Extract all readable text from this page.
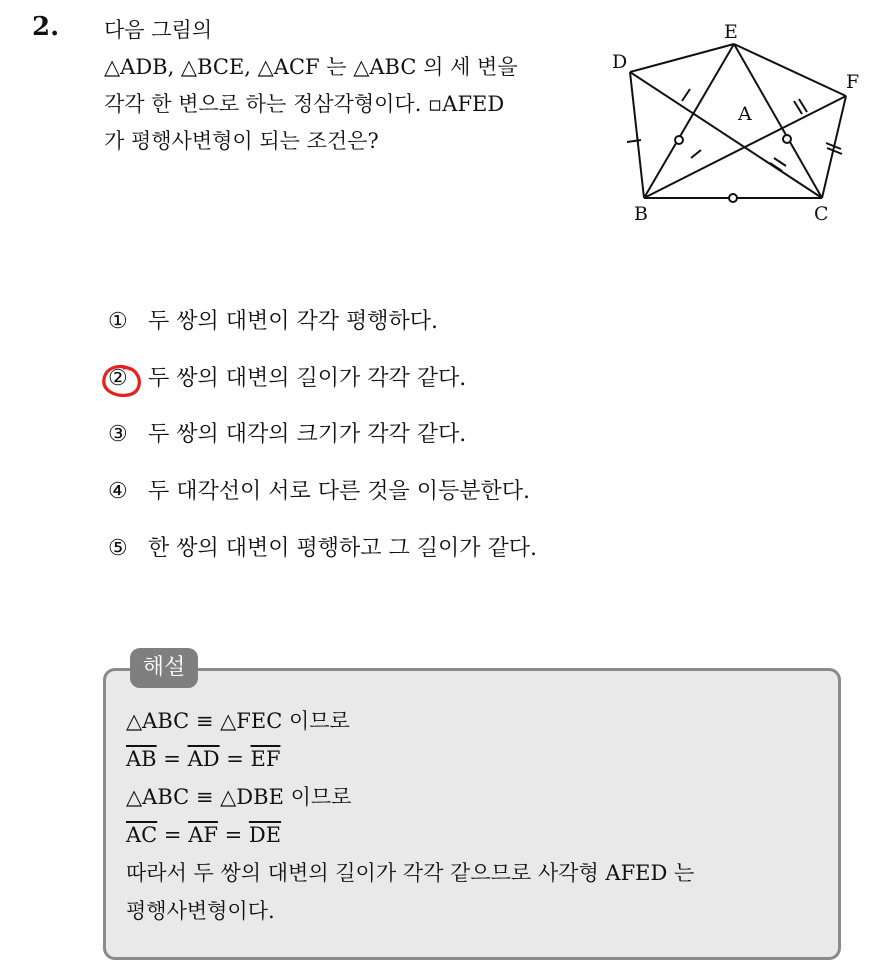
2. 다음 그림의
△ADB, △BCE, △ACF 는 △ABC 의 세 변을
각각 한 변으로 하는 정삼각형이다. ▫AFED
가 평행사변형이 되는 조건은?
E
D
F
A
B	C
① 두 쌍의 대변이 각각 평행하다.
② 두 쌍의 대변의 길이가 각각 같다.
③ 두 쌍의 대각의 크기가 각각 같다.
④ 두 대각선이 서로 다른 것을 이등분한다.
⑤ 한 쌍의 대변이 평행하고 그 길이가 같다.
해설
△ABC ≡ △FEC 이므로
$\overline{AB} = \overline{AD} = \overline{EF}$
△ABC ≡ △DBE 이므로
$\overline{AC} = \overline{AF} = \overline{DE}$
따라서 두 쌍의 대변의 길이가 각각 같으므로 사각형 AFED 는
평행사변형이다.
